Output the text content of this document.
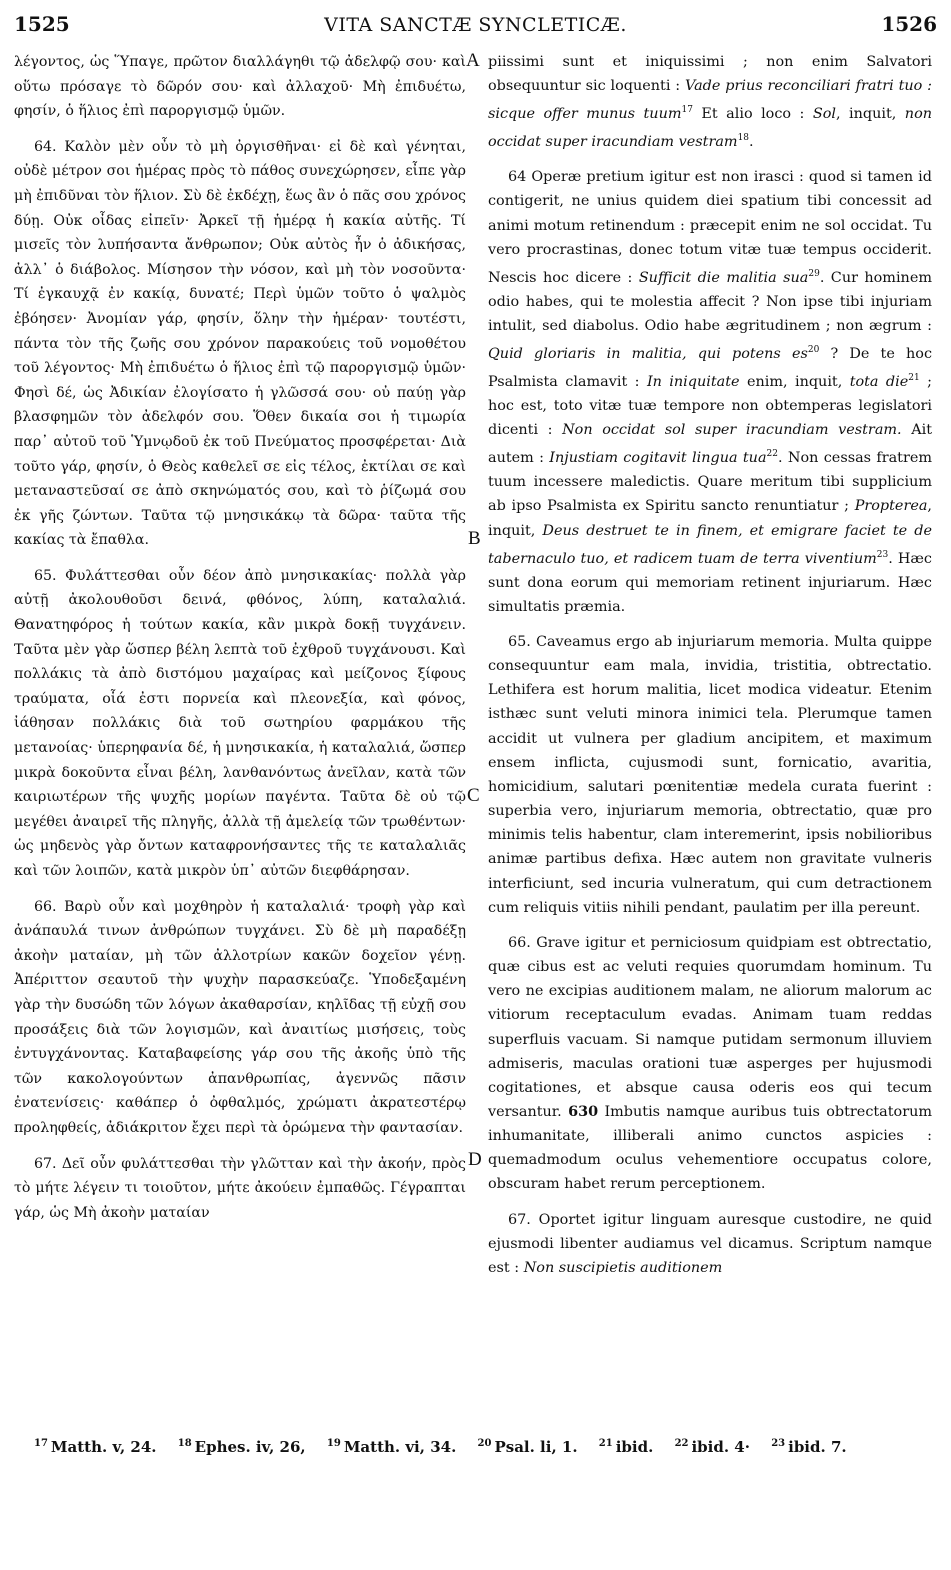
1525	VITA SANCTÆ SYNCLETICÆ.	1526

λέγοντος, ὡς Ὕπαγε, πρῶτον διαλλάγηθι τῷ ἀδελφῷ σου· καὶ οὕτω πρόσαγε τὸ δῶρόν σου· καὶ ἀλλαχοῦ· Μὴ ἐπιδυέτω, φησίν, ὁ ἥλιος ἐπὶ παροργισμῷ ὑμῶν.

64. Καλὸν μὲν οὖν τὸ μὴ ὀργισθῆναι· εἰ δὲ καὶ γένηται, οὐδὲ μέτρον σοι ἡμέρας πρὸς τὸ πάθος συνεχώρησεν, εἶπε γὰρ μὴ ἐπιδῦναι τὸν ἥλιον. Σὺ δὲ ἐκδέχῃ, ἕως ἂν ὁ πᾶς σου χρόνος δύῃ. Οὐκ οἶδας εἰπεῖν· Ἀρκεῖ τῇ ἡμέρᾳ ἡ κακία αὐτῆς. Τί μισεῖς τὸν λυπήσαντα ἄνθρωπον; Οὐκ αὐτὸς ἦν ὁ ἀδικήσας, ἀλλ᾽ ὁ διάβολος. Μίσησον τὴν νόσον, καὶ μὴ τὸν νοσοῦντα· Τί ἐγκαυχᾷ ἐν κακίᾳ, δυνατέ; Περὶ ὑμῶν τοῦτο ὁ ψαλμὸς ἐβόησεν· Ἀνομίαν γάρ, φησίν, ὅλην τὴν ἡμέραν· τουτέστι, πάντα τὸν τῆς ζωῆς σου χρόνον παρακούεις τοῦ νομοθέτου τοῦ λέγοντος· Μὴ ἐπιδυέτω ὁ ἥλιος ἐπὶ τῷ παροργισμῷ ὑμῶν· Φησὶ δέ, ὡς Ἀδικίαν ἐλογίσατο ἡ γλῶσσά σου· οὐ παύῃ γὰρ βλασφημῶν τὸν ἀδελφόν σου. Ὅθεν δικαία σοι ἡ τιμωρία παρ᾽ αὐτοῦ τοῦ Ὑμνῳδοῦ ἐκ τοῦ Πνεύματος προσφέρεται· Διὰ τοῦτο γάρ, φησίν, ὁ Θεὸς καθελεῖ σε εἰς τέλος, ἐκτίλαι σε καὶ μεταναστεῦσαί σε ἀπὸ σκηνώματός σου, καὶ τὸ ῥίζωμά σου ἐκ γῆς ζώντων. Ταῦτα τῷ μνησικάκῳ τὰ δῶρα· ταῦτα τῆς κακίας τὰ ἔπαθλα.

65. Φυλάττεσθαι οὖν δέον ἀπὸ μνησικακίας· πολλὰ γὰρ αὐτῇ ἀκολουθοῦσι δεινά, φθόνος, λύπη, καταλαλιά. Θανατηφόρος ἡ τούτων κακία, κἂν μικρὰ δοκῇ τυγχάνειν. Ταῦτα μὲν γὰρ ὥσπερ βέλη λεπτὰ τοῦ ἐχθροῦ τυγχάνουσι. Καὶ πολλάκις τὰ ἀπὸ διστόμου μαχαίρας καὶ μείζονος ξίφους τραύματα, οἷά ἐστι πορνεία καὶ πλεονεξία, καὶ φόνος, ἰάθησαν πολλάκις διὰ τοῦ σωτηρίου φαρμάκου τῆς μετανοίας· ὑπερηφανία δέ, ἡ μνησικακία, ἡ καταλαλιά, ὥσπερ μικρὰ δοκοῦντα εἶναι βέλη, λανθανόντως ἀνεῖλαν, κατὰ τῶν καιριωτέρων τῆς ψυχῆς μορίων παγέντα. Ταῦτα δὲ οὐ τῷ μεγέθει ἀναιρεῖ τῆς πληγῆς, ἀλλὰ τῇ ἀμελείᾳ τῶν τρωθέντων· ὡς μηδενὸς γὰρ ὄντων καταφρονήσαντες τῆς τε καταλαλιᾶς καὶ τῶν λοιπῶν, κατὰ μικρὸν ὑπ᾽ αὐτῶν διεφθάρησαν.

66. Βαρὺ οὖν καὶ μοχθηρὸν ἡ καταλαλιά· τροφὴ γὰρ καὶ ἀνάπαυλά τινων ἀνθρώπων τυγχάνει. Σὺ δὲ μὴ παραδέξῃ ἀκοὴν ματαίαν, μὴ τῶν ἀλλοτρίων κακῶν δοχεῖον γένῃ. Ἀπέριττον σεαυτοῦ τὴν ψυχὴν παρασκεύαζε. Ὑποδεξαμένη γὰρ τὴν δυσώδη τῶν λόγων ἀκαθαρσίαν, κηλῖδας τῇ εὐχῇ σου προσάξεις διὰ τῶν λογισμῶν, καὶ ἀναιτίως μισήσεις, τοὺς ἐντυγχάνοντας. Καταβαφείσης γάρ σου τῆς ἀκοῆς ὑπὸ τῆς τῶν κακολογούντων ἀπανθρωπίας, ἀγεννῶς πᾶσιν ἐνατενίσεις· καθάπερ ὁ ὀφθαλμός, χρώματι ἀκρατεστέρῳ προληφθείς, ἀδιάκριτον ἔχει περὶ τὰ ὁρώμενα τὴν φαντασίαν.

67. Δεῖ οὖν φυλάττεσθαι τὴν γλῶτταν καὶ τὴν ἀκοήν, πρὸς τὸ μήτε λέγειν τι τοιοῦτον, μήτε ἀκούειν ἐμπαθῶς. Γέγραπται γάρ, ὡς Μὴ ἀκοὴν ματαίαν

A
B
C
D

piissimi sunt et iniquissimi ; non enim Salvatori obsequuntur sic loquenti : Vade prius reconciliari fratri tuo : sicque offer munus tuum$^{17}$ Et alio loco : Sol, inquit, non occidat super iracundiam vestram$^{18}$.

64 Operæ pretium igitur est non irasci : quod si tamen id contigerit, ne unius quidem diei spatium tibi concessit ad animi motum retinendum : præcepit enim ne sol occidat. Tu vero procrastinas, donec totum vitæ tuæ tempus occiderit. Nescis hoc dicere : Sufficit die malitia sua$^{29}$. Cur hominem odio habes, qui te molestia affecit ? Non ipse tibi injuriam intulit, sed diabolus. Odio habe ægritudinem ; non ægrum : Quid gloriaris in malitia, qui potens $es^{20}$ ? De te hoc Psalmista clamavit : In iniquitate enim, inquit, tota die$^{21}$ ; hoc est, toto vitæ tuæ tempore non obtemperas legislatori dicenti : Non occidat sol super iracundiam vestram. Ait autem : Injustiam cogitavit lingua tua$^{22}$. Non cessas fratrem tuum incessere maledictis. Quare meritum tibi supplicium ab ipso Psalmista ex Spiritu sancto renuntiatur ; Propterea, inquit, Deus destruet te in finem, et emigrare faciet te de tabernaculo tuo, et radicem tuam de terra viventium$^{23}$. Hæc sunt dona eorum qui memoriam retinent injuriarum. Hæc simultatis præmia.

65. Caveamus ergo ab injuriarum memoria. Multa quippe consequuntur eam mala, invidia, tristitia, obtrectatio. Lethifera est horum malitia, licet modica videatur. Etenim isthæc sunt veluti minora inimici tela. Plerumque tamen accidit ut vulnera per gladium ancipitem, et maximum ensem inflicta, cujusmodi sunt, fornicatio, avaritia, homicidium, salutari pœnitentiæ medela curata fuerint : superbia vero, injuriarum memoria, obtrectatio, quæ pro minimis telis habentur, clam interemerint, ipsis nobilioribus animæ partibus defixa. Hæc autem non gravitate vulneris interficiunt, sed incuria vulneratum, qui cum detractionem cum reliquis vitiis nihili pendant, paulatim per illa pereunt.

66. Grave igitur et perniciosum quidpiam est obtrectatio, quæ cibus est ac veluti requies quorumdam hominum. Tu vero ne excipias auditionem malam, ne aliorum malorum ac vitiorum receptaculum evadas. Animam tuam reddas superfluis vacuam. Si namque putidam sermonum illuviem admiseris, maculas orationi tuæ asperges per hujusmodi cogitationes, et absque causa oderis eos qui tecum versantur. 630 Imbutis namque auribus tuis obtrectatorum inhumanitate, illiberali animo cunctos aspicies : quemadmodum oculus vehementiore occupatus colore, obscuram habet rerum perceptionem.

67. Oportet igitur linguam auresque custodire, ne quid ejusmodi libenter audiamus vel dicamus. Scriptum namque est : Non suscipietis auditionem

$^{17}$ Matth. v, 24. $^{18}$ Ephes. iv, 26, $^{19}$ Matth. vi, 34. $^{20}$ Psal. li, 1. $^{21}$ ibid. $^{22}$ ibid. 4· $^{23}$ ibid. 7.
